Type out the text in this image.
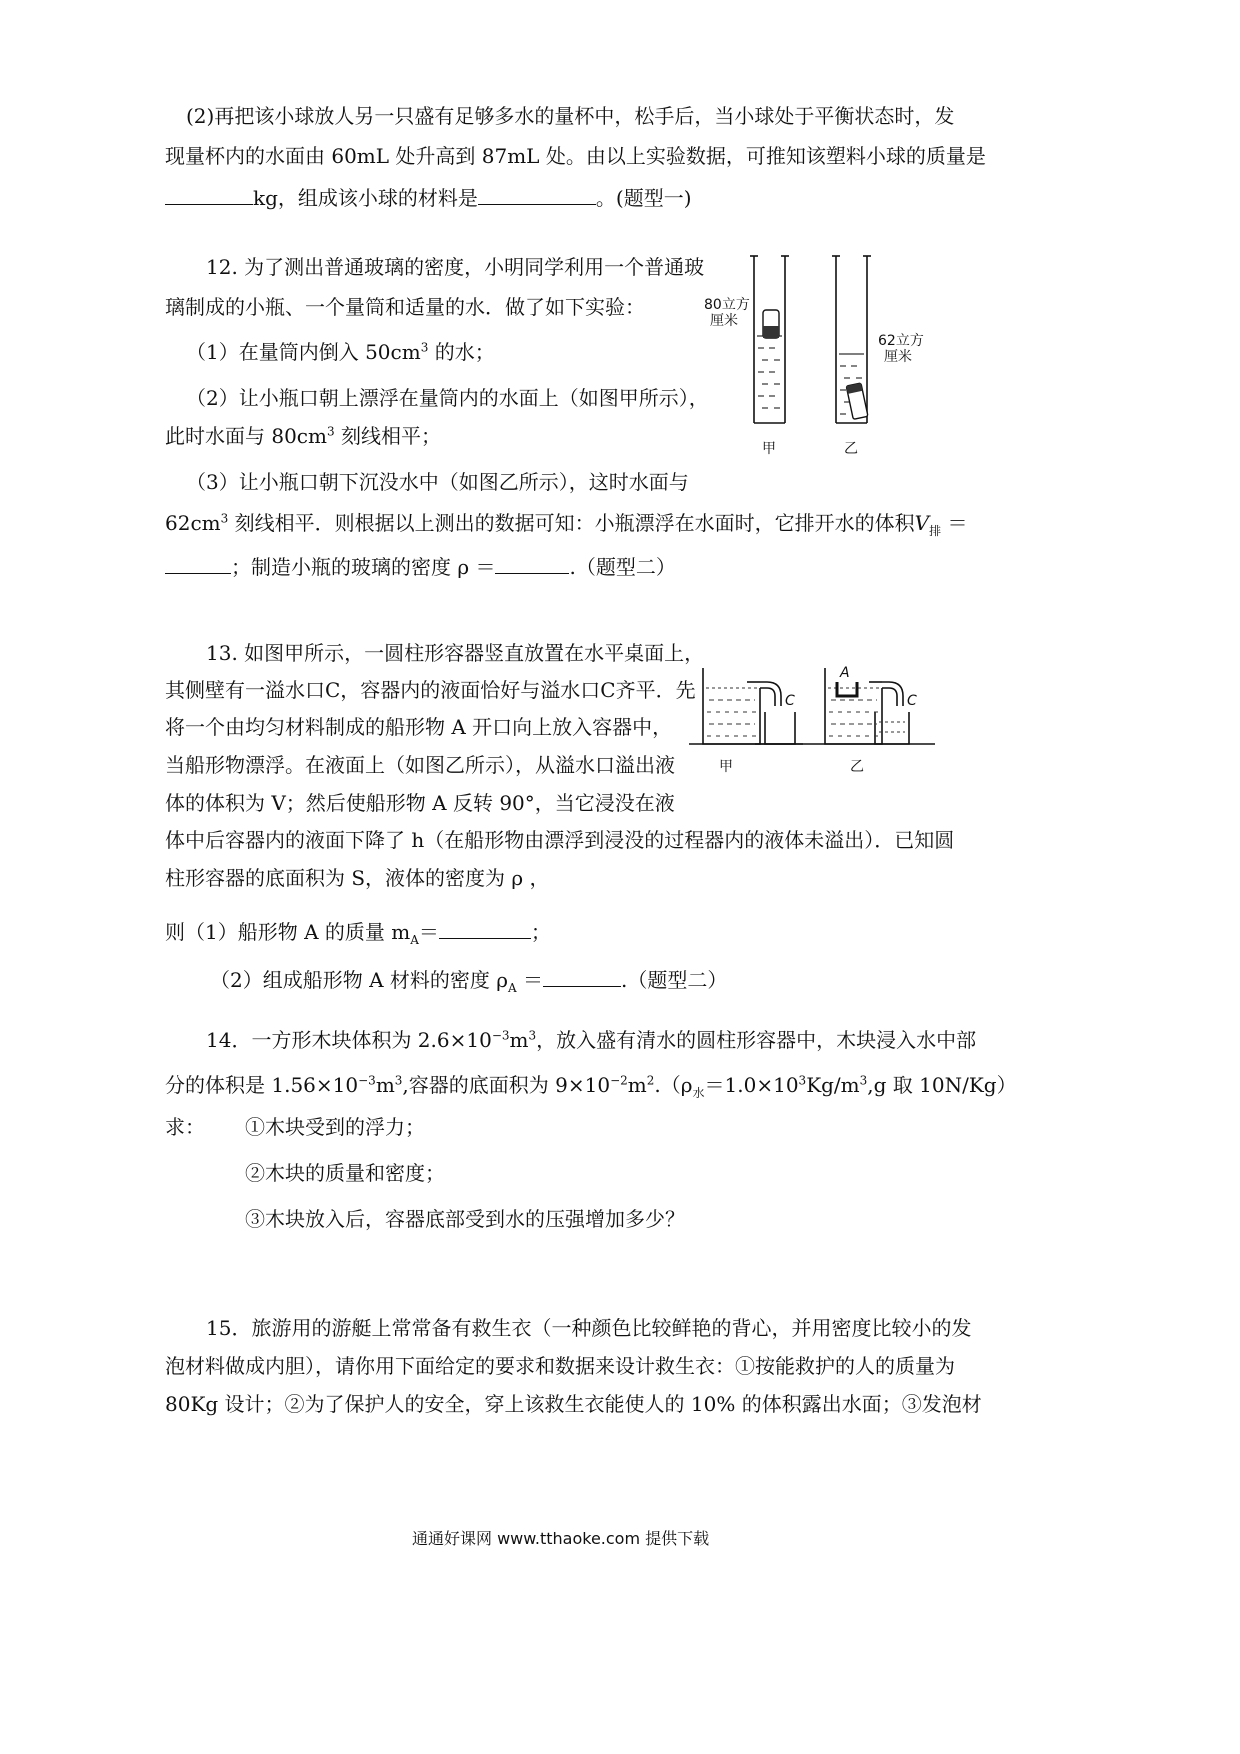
(2)再把该小球放人另一只盛有足够多水的量杯中，松手后，当小球处于平衡状态时，发
现量杯内的水面由 60mL 处升高到 87mL 处。由以上实验数据，可推知该塑料小球的质量是
kg，组成该小球的材料是	。(题型一)
12. 为了测出普通玻璃的密度，小明同学利用一个普通玻
璃制成的小瓶、一个量筒和适量的水．做了如下实验：
（1）在量筒内倒入 $50cm^3$ 的水；
（2）让小瓶口朝上漂浮在量筒内的水面上（如图甲所示），
此时水面与 $80cm^3$ 刻线相平；
（3）让小瓶口朝下沉没水中（如图乙所示），这时水面与
$62cm^3$ 刻线相平．则根据以上测出的数据可知：小瓶漂浮在水面时，它排开水的体积$V_排$ ＝
；制造小瓶的玻璃的密度 ρ ＝	.（题型二）
80立方
厘米
62立方
厘米
甲	乙
13. 如图甲所示，一圆柱形容器竖直放置在水平桌面上，
其侧壁有一溢水口C，容器内的液面恰好与溢水口C齐平．先
将一个由均匀材料制成的船形物 A 开口向上放入容器中，
当船形物漂浮。在液面上（如图乙所示），从溢水口溢出液
体的体积为 V；然后使船形物 A 反转 90°，当它浸没在液
体中后容器内的液面下降了 h（在船形物由漂浮到浸没的过程器内的液体未溢出）．已知圆
柱形容器的底面积为 S，液体的密度为 ρ ，
则（1）船形物 A 的质量 $m_A=$	；
（2）组成船形物 A 材料的密度 $\rho_A$ ＝	.（题型二）
C	C
A
甲	乙
14．一方形木块体积为 $2.6\times 10^{-3}m^3$，放入盛有清水的圆柱形容器中，木块浸入水中部
分的体积是 $1.56\times 10^{-3}m^3$,容器的底面积为 $9\times 10^{-2}m^2.(\rho_水=1.0\times 10^3Kg/m^3,g$ 取 10N/Kg）
求： ①木块受到的浮力；
②木块的质量和密度；
③木块放入后，容器底部受到水的压强增加多少？
15．旅游用的游艇上常常备有救生衣（一种颜色比较鲜艳的背心，并用密度比较小的发
泡材料做成内胆），请你用下面给定的要求和数据来设计救生衣：①按能救护的人的质量为
80Kg 设计；②为了保护人的安全，穿上该救生衣能使人的 10% 的体积露出水面；③发泡材
通通好课网 www.tthaoke.com 提供下载
